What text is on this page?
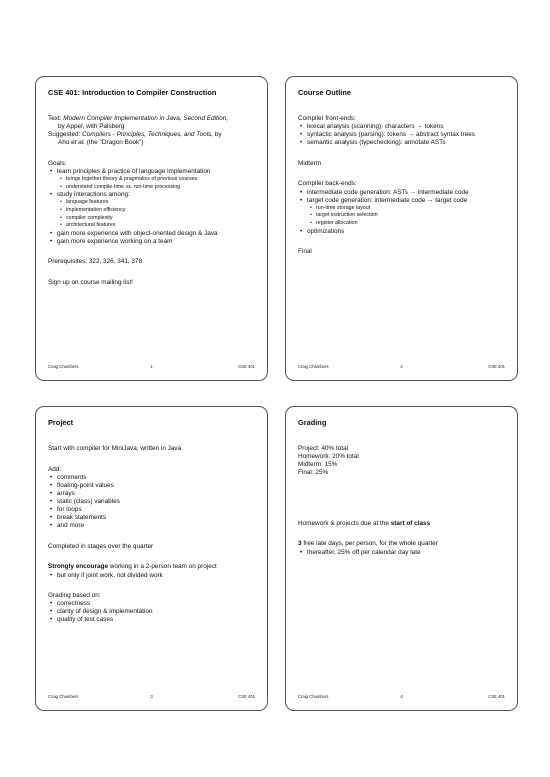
CSE 401: Introduction to Compiler Construction
Text: Modern Compiler Implementation in Java, Second Edition,
by Appel, with Palsberg
Suggested: Compilers - Principles, Techniques, and Tools, by
Aho et al. (the "Dragon Book")
Goals:
• learn principles & practice of language implementation
• brings together theory & pragmatics of previous courses
• understand compile-time vs. run-time processing
• study interactions among:
• language features
• implementation efficiency
• compiler complexity
• architectural features
• gain more experience with object-oriented design & Java
• gain more experience working on a team
Prerequisites: 322, 326, 341, 378
Sign up on course mailing list!
Craig Chambers	1	CSE 401
Course Outline
Compiler front-ends:
• lexical analysis (scanning): characters → tokens
• syntactic analysis (parsing): tokens → abstract syntax trees
• semantic analysis (typechecking): annotate ASTs
Midterm
Compiler back-ends:
• intermediate code generation: ASTs → intermediate code
• target code generation: intermediate code → target code
• run-time storage layout
• target instruction selection
• register allocation
• optimizations
Final
Craig Chambers	2	CSE 401
Project
Start with compiler for MiniJava, written in Java
Add:
• comments
• floating-point values
• arrays
• static (class) variables
• for loops
• break statements
• and more
Completed in stages over the quarter
Strongly encourage working in a 2-person team on project
• but only if joint work, not divided work
Grading based on:
• correctness
• clarity of design & implementation
• quality of test cases
Craig Chambers	3	CSE 401
Grading
Project: 40% total
Homework: 20% total
Midterm: 15%
Final: 25%
Homework & projects due at the start of class
3 free late days, per person, for the whole quarter
• thereafter, 25% off per calendar day late
Craig Chambers	4	CSE 401
